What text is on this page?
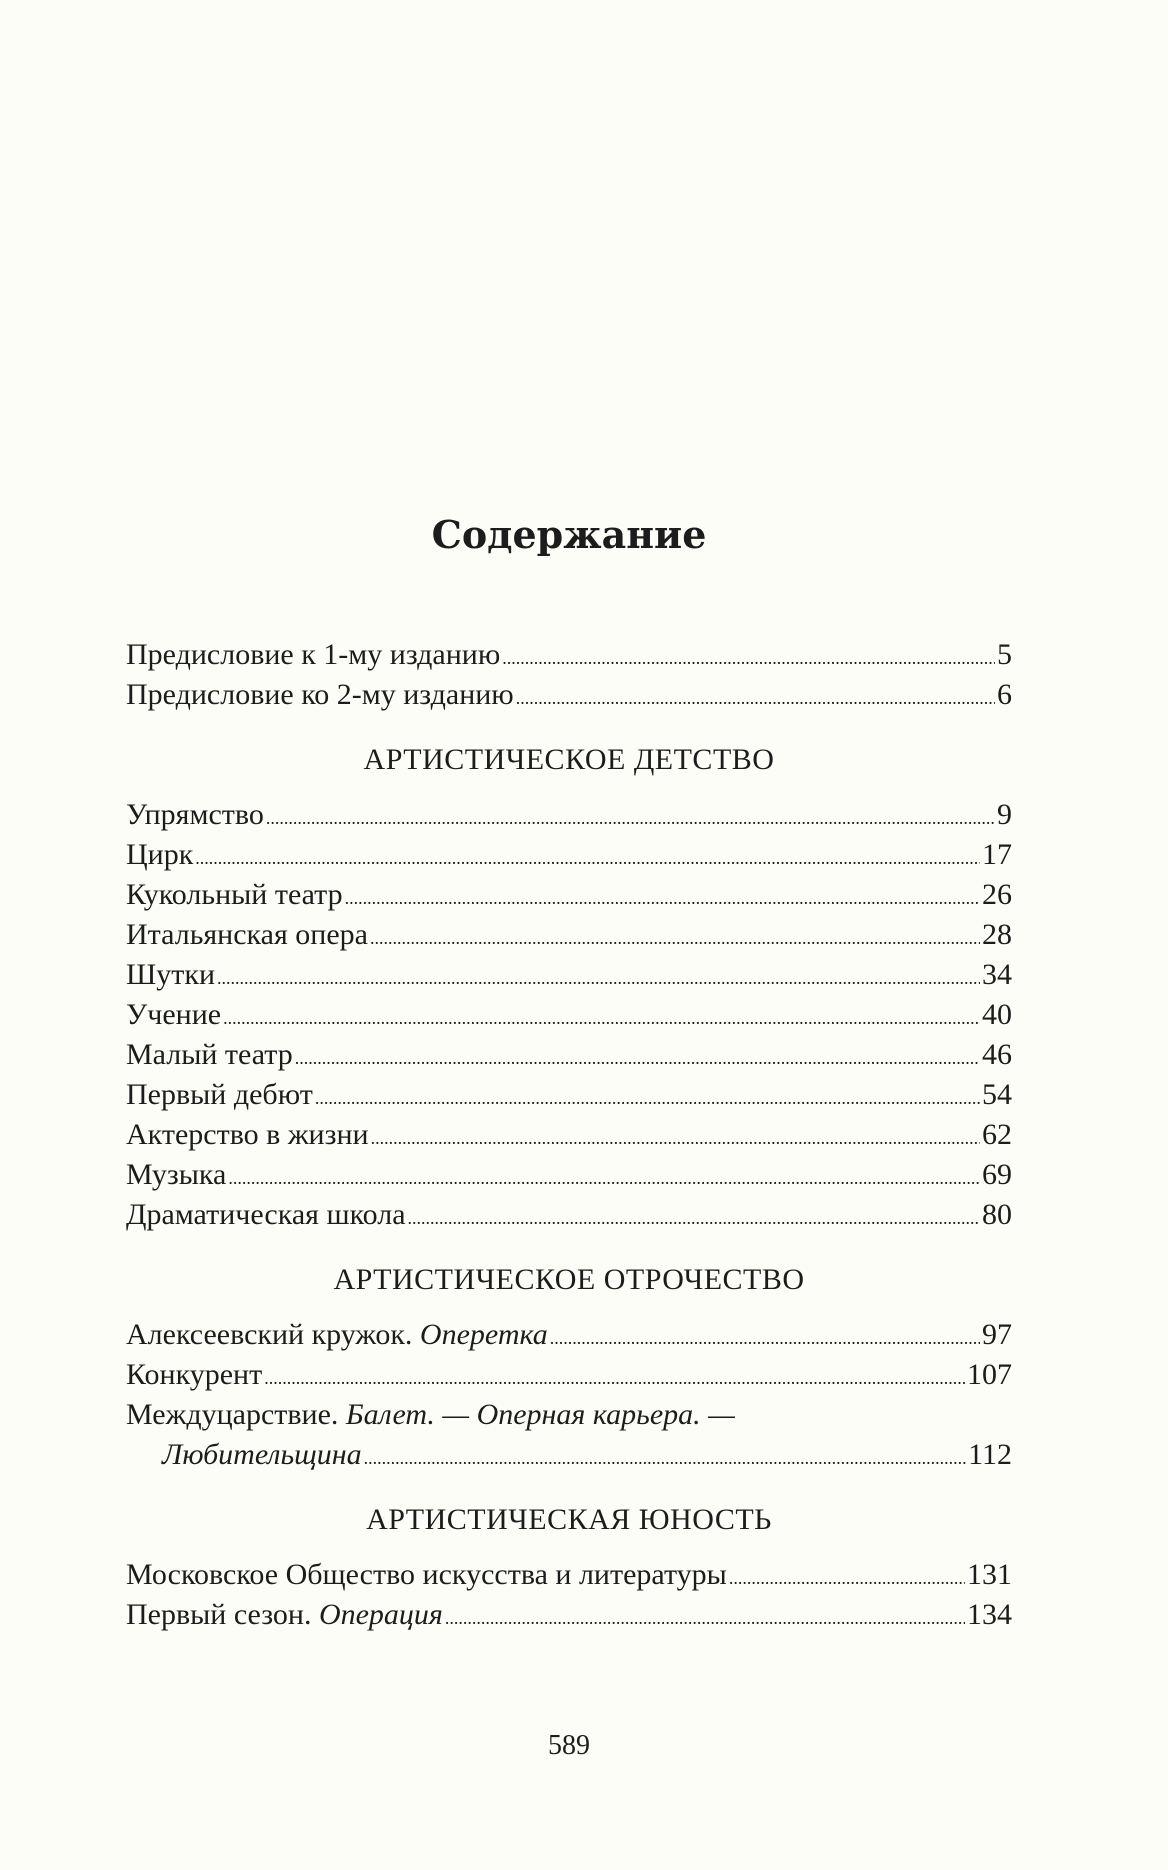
Содержание
Предисловие к 1-му изданию .....	5
Предисловие ко 2-му изданию .....	6
АРТИСТИЧЕСКОЕ ДЕТСТВО
Упрямство .....	9
Цирк .....	17
Кукольный театр .....	26
Итальянская опера .....	28
Шутки .....	34
Учение .....	40
Малый театр .....	46
Первый дебют .....	54
Актерство в жизни .....	62
Музыка .....	69
Драматическая школа .....	80
АРТИСТИЧЕСКОЕ ОТРОЧЕСТВО
Алексеевский кружок. Оперетка .....	97
Конкурент .....	107
Междуцарствие. Балет. — Оперная карьера. —
Любительщина .....	112
АРТИСТИЧЕСКАЯ ЮНОСТЬ
Московское Общество искусства и литературы .....	131
Первый сезон. Операция .....	134
589
